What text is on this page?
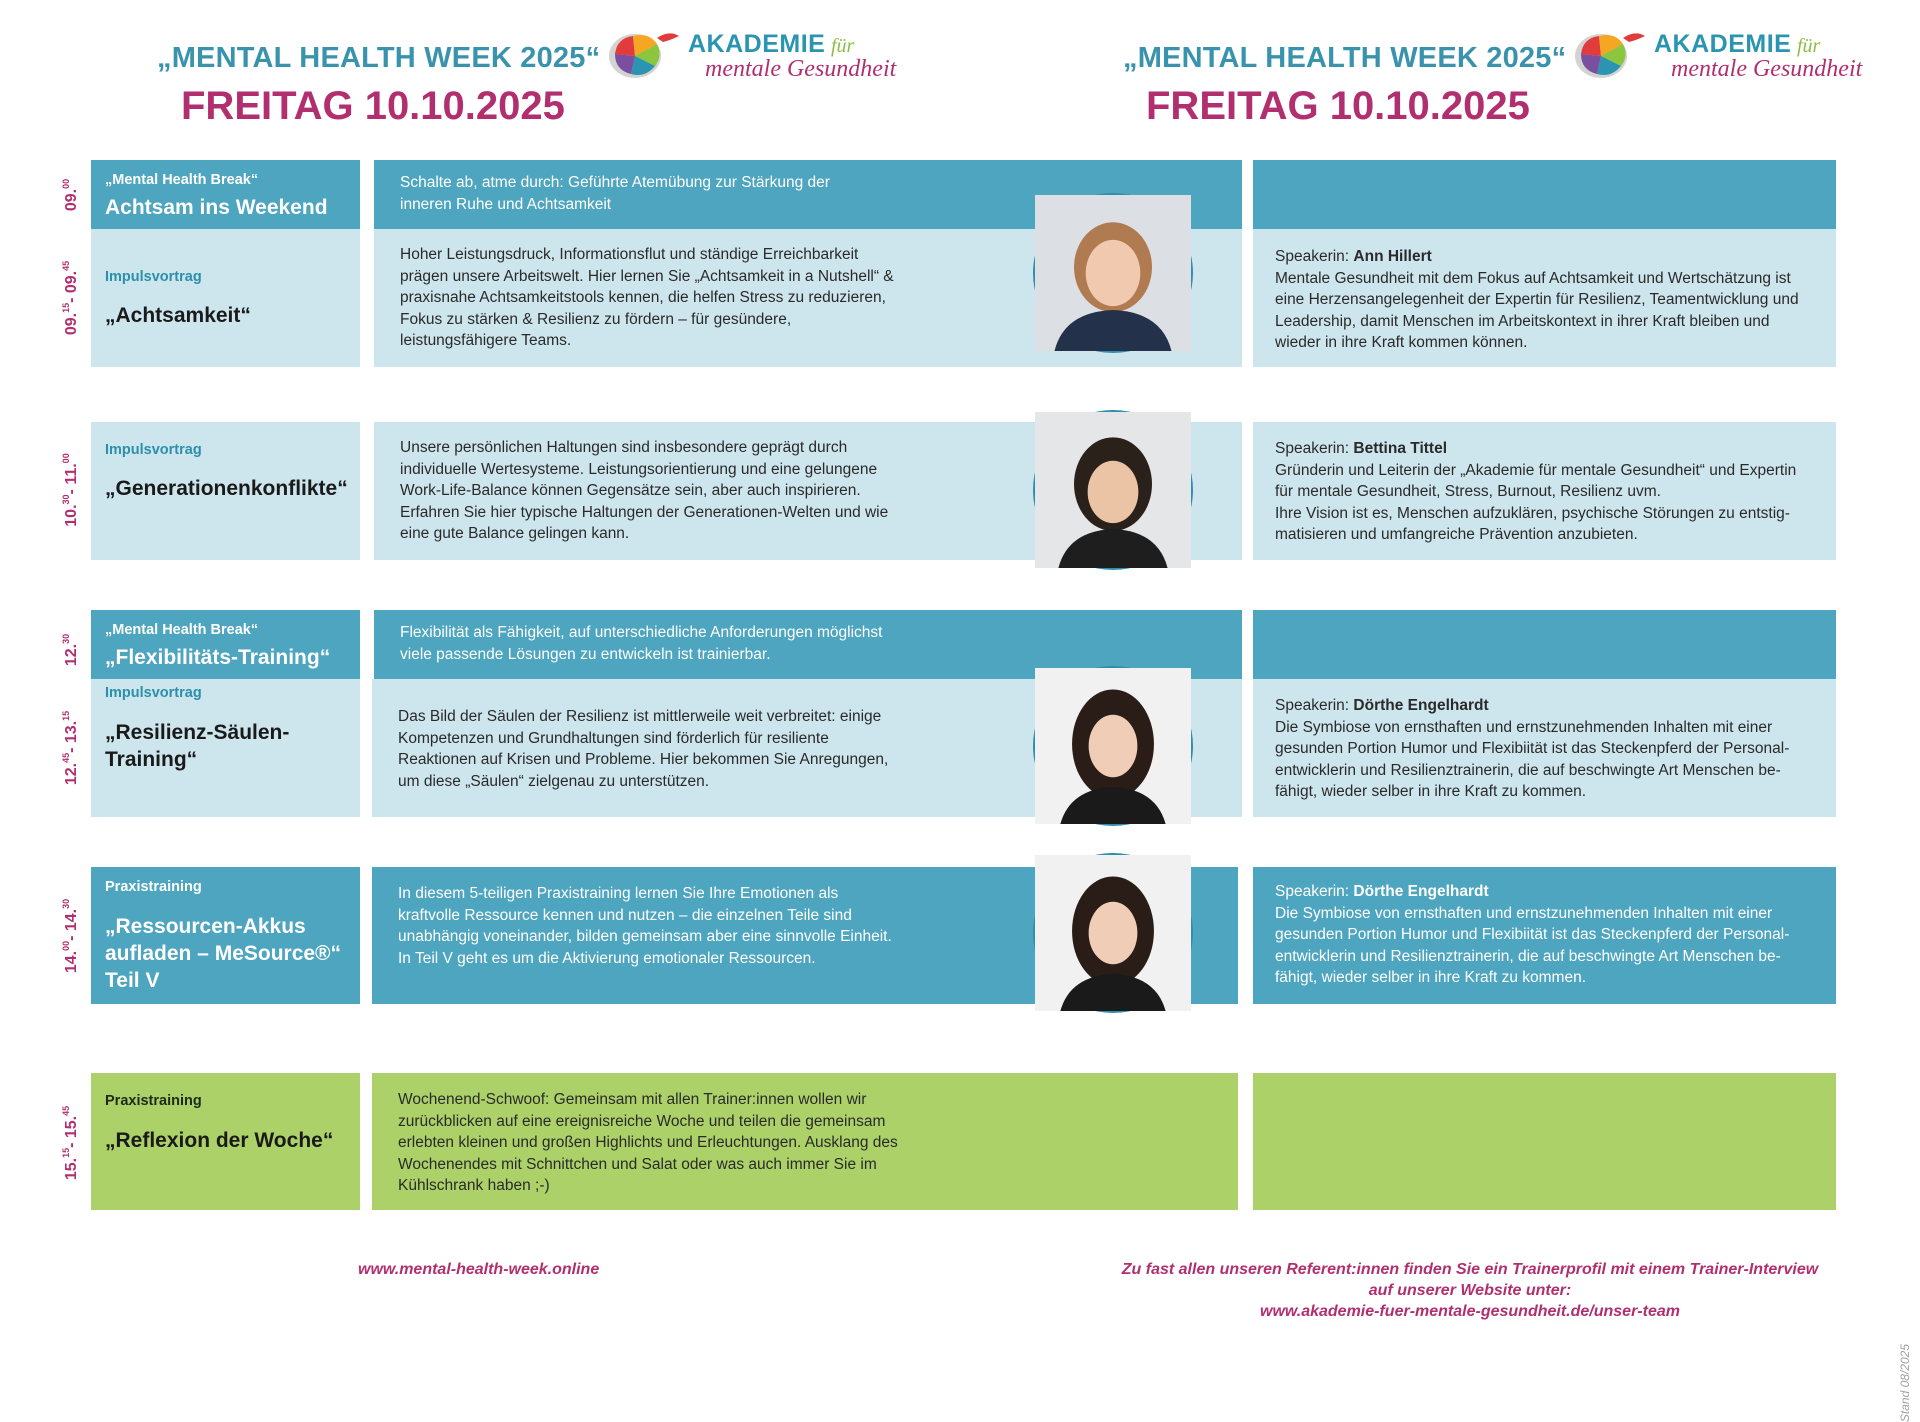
„MENTAL HEALTH WEEK 2025“
FREITAG 10.10.2025
AKADEMIE für
mentale Gesundheit	„MENTAL HEALTH WEEK 2025“
FREITAG 10.10.2025
AKADEMIE für
mentale Gesundheit
09.00
09.15- 09.45
10.30- 11.00
12.30
12.45- 13.15
14.00- 14.30
15.15- 15.45
„Mental Health Break“
Achtsam ins Weekend
Schalte ab, atme durch: Geführte Atemübung zur Stärkung der inneren Ruhe und Achtsamkeit
Impulsvortrag
„Achtsamkeit“
Hoher Leistungsdruck, Informationsflut und ständige Erreichbarkeit prägen unsere Arbeitswelt. Hier lernen Sie „Achtsamkeit in a Nutshell“ & praxisnahe Achtsamkeitstools kennen, die helfen Stress zu reduzieren, Fokus zu stärken & Resilienz zu fördern – für gesündere, leistungsfähigere Teams.
Speakerin: Ann Hillert
Mentale Gesundheit mit dem Fokus auf Achtsamkeit und Wertschätzung ist eine Herzensangelegenheit der Expertin für Resilienz, Teamentwicklung und Leadership, damit Menschen im Arbeitskontext in ihrer Kraft bleiben und wieder in ihre Kraft kommen können.
Impulsvortrag
„Generationenkonflikte“
Unsere persönlichen Haltungen sind insbesondere geprägt durch individuelle Wertesysteme. Leistungsorientierung und eine gelungene Work-Life-Balance können Gegensätze sein, aber auch inspirieren. Erfahren Sie hier typische Haltungen der Generationen-Welten und wie eine gute Balance gelingen kann.
Speakerin: Bettina Tittel
Gründerin und Leiterin der „Akademie für mentale Gesundheit“ und Expertin für mentale Gesundheit, Stress, Burnout, Resilienz uvm.
Ihre Vision ist es, Menschen aufzuklären, psychische Störungen zu entstigmatisieren und umfangreiche Prävention anzubieten.
„Mental Health Break“
„Flexibilitäts-Training“
Flexibilität als Fähigkeit, auf unterschiedliche Anforderungen möglichst viele passende Lösungen zu entwickeln ist trainierbar.
Impulsvortrag
„Resilienz-Säulen-Training“
Das Bild der Säulen der Resilienz ist mittlerweile weit verbreitet: einige Kompetenzen und Grundhaltungen sind förderlich für resiliente Reaktionen auf Krisen und Probleme. Hier bekommen Sie Anregungen, um diese „Säulen“ zielgenau zu unterstützen.
Speakerin: Dörthe Engelhardt
Die Symbiose von ernsthaften und ernstzunehmenden Inhalten mit einer gesunden Portion Humor und Flexibiität ist das Steckenpferd der Personalentwicklerin und Resilienztrainerin, die auf beschwingte Art Menschen befähigt, wieder selber in ihre Kraft zu kommen.
Praxistraining
„Ressourcen-Akkus aufladen – MeSource®“ Teil V
In diesem 5-teiligen Praxistraining lernen Sie Ihre Emotionen als kraftvolle Ressource kennen und nutzen – die einzelnen Teile sind unabhängig voneinander, bilden gemeinsam aber eine sinnvolle Einheit.
In Teil V geht es um die Aktivierung emotionaler Ressourcen.
Speakerin: Dörthe Engelhardt
Die Symbiose von ernsthaften und ernstzunehmenden Inhalten mit einer gesunden Portion Humor und Flexibiität ist das Steckenpferd der Personalentwicklerin und Resilienztrainerin, die auf beschwingte Art Menschen befähigt, wieder selber in ihre Kraft zu kommen.
Praxistraining
„Reflexion der Woche“
Wochenend-Schwoof: Gemeinsam mit allen Trainer:innen wollen wir zurückblicken auf eine ereignisreiche Woche und teilen die gemeinsam erlebten kleinen und großen Highlichts und Erleuchtungen. Ausklang des Wochenendes mit Schnittchen und Salat oder was auch immer Sie im Kühlschrank haben ;-)
www.mental-health-week.online	Zu fast allen unseren Referent:innen finden Sie ein Trainerprofil mit einem Trainer-Interview
auf unserer Website unter:
www.akademie-fuer-mentale-gesundheit.de/unser-team
Stand 08/2025
